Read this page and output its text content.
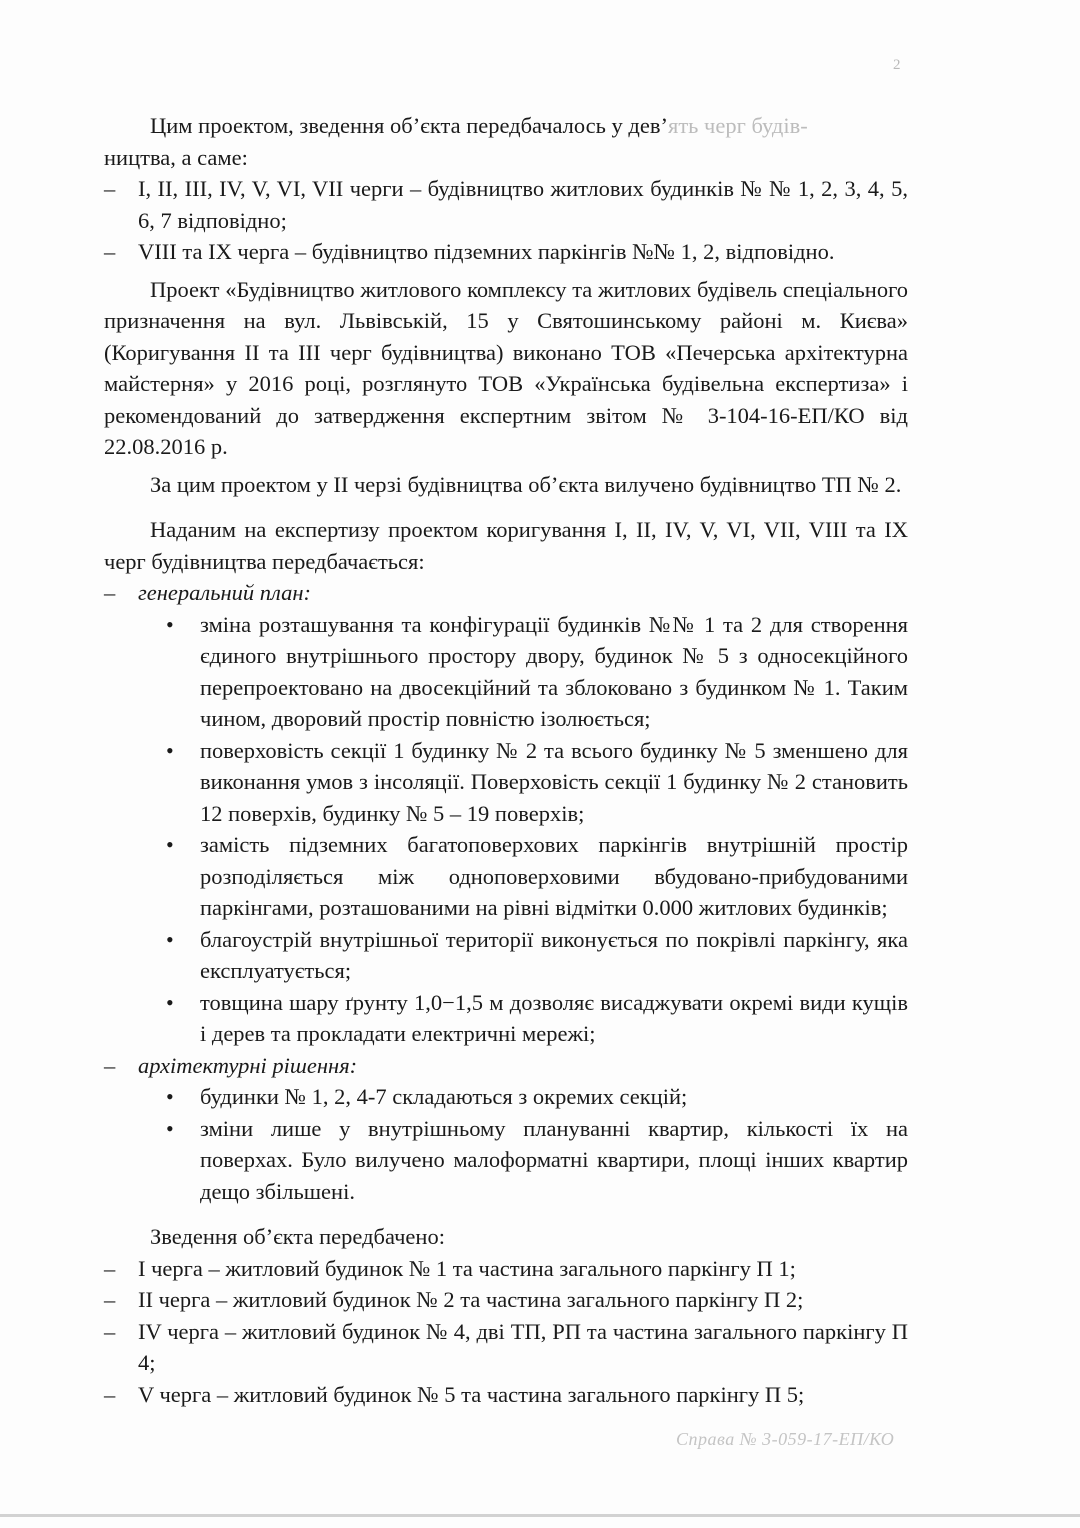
2

Цим проектом, зведення об’єкта передбачалось у дев’ять черг будів-
ництва, а саме:

– I, II, III, IV, V, VI, VII черги – будівництво житлових будинків № № 1, 2, 3, 4, 5, 6, 7 відповідно;
– VIII та IX черга – будівництво підземних паркінгів №№ 1, 2, відповідно.

Проект «Будівництво житлового комплексу та житлових будівель спеціального призначення на вул. Львівській, 15 у Святошинському районі м. Києва» (Коригування II та III черг будівництва) виконано ТОВ «Печерська архітектурна майстерня» у 2016 році, розглянуто ТОВ «Українська будівельна експертиза» і рекомендований до затвердження експертним звітом № 3-104-16-ЕП/КО від 22.08.2016 р.

За цим проектом у II черзі будівництва об’єкта вилучено будівництво ТП № 2.

Наданим на експертизу проектом коригування I, II, IV, V, VI, VII, VIII та IX черг будівництва передбачається:

– генеральний план:
• зміна розташування та конфігурації будинків №№ 1 та 2 для створення єдиного внутрішнього простору двору, будинок № 5 з односекційного перепроектовано на двосекційний та зблоковано з будинком № 1. Таким чином, дворовий простір повністю ізолюється;
• поверховість секції 1 будинку № 2 та всього будинку № 5 зменшено для виконання умов з інсоляції. Поверховість секції 1 будинку № 2 становить 12 поверхів, будинку № 5 – 19 поверхів;
• замість підземних багатоповерхових паркінгів внутрішній простір розподіляється між одноповерховими вбудовано-прибудованими паркінгами, розташованими на рівні відмітки 0.000 житлових будинків;
• благоустрій внутрішньої території виконується по покрівлі паркінгу, яка експлуатується;
• товщина шару ґрунту 1,0−1,5 м дозволяє висаджувати окремі види кущів і дерев та прокладати електричні мережі;
– архітектурні рішення:
• будинки № 1, 2, 4-7 складаються з окремих секцій;
• зміни лише у внутрішньому плануванні квартир, кількості їх на поверхах. Було вилучено малоформатні квартири, площі інших квартир дещо збільшені.

Зведення об’єкта передбачено:

– I черга – житловий будинок № 1 та частина загального паркінгу П 1;
– II черга – житловий будинок № 2 та частина загального паркінгу П 2;
– IV черга – житловий будинок № 4, дві ТП, РП та частина загального паркінгу П 4;
– V черга – житловий будинок № 5 та частина загального паркінгу П 5;
Справа № 3-059-17-ЕП/КО
